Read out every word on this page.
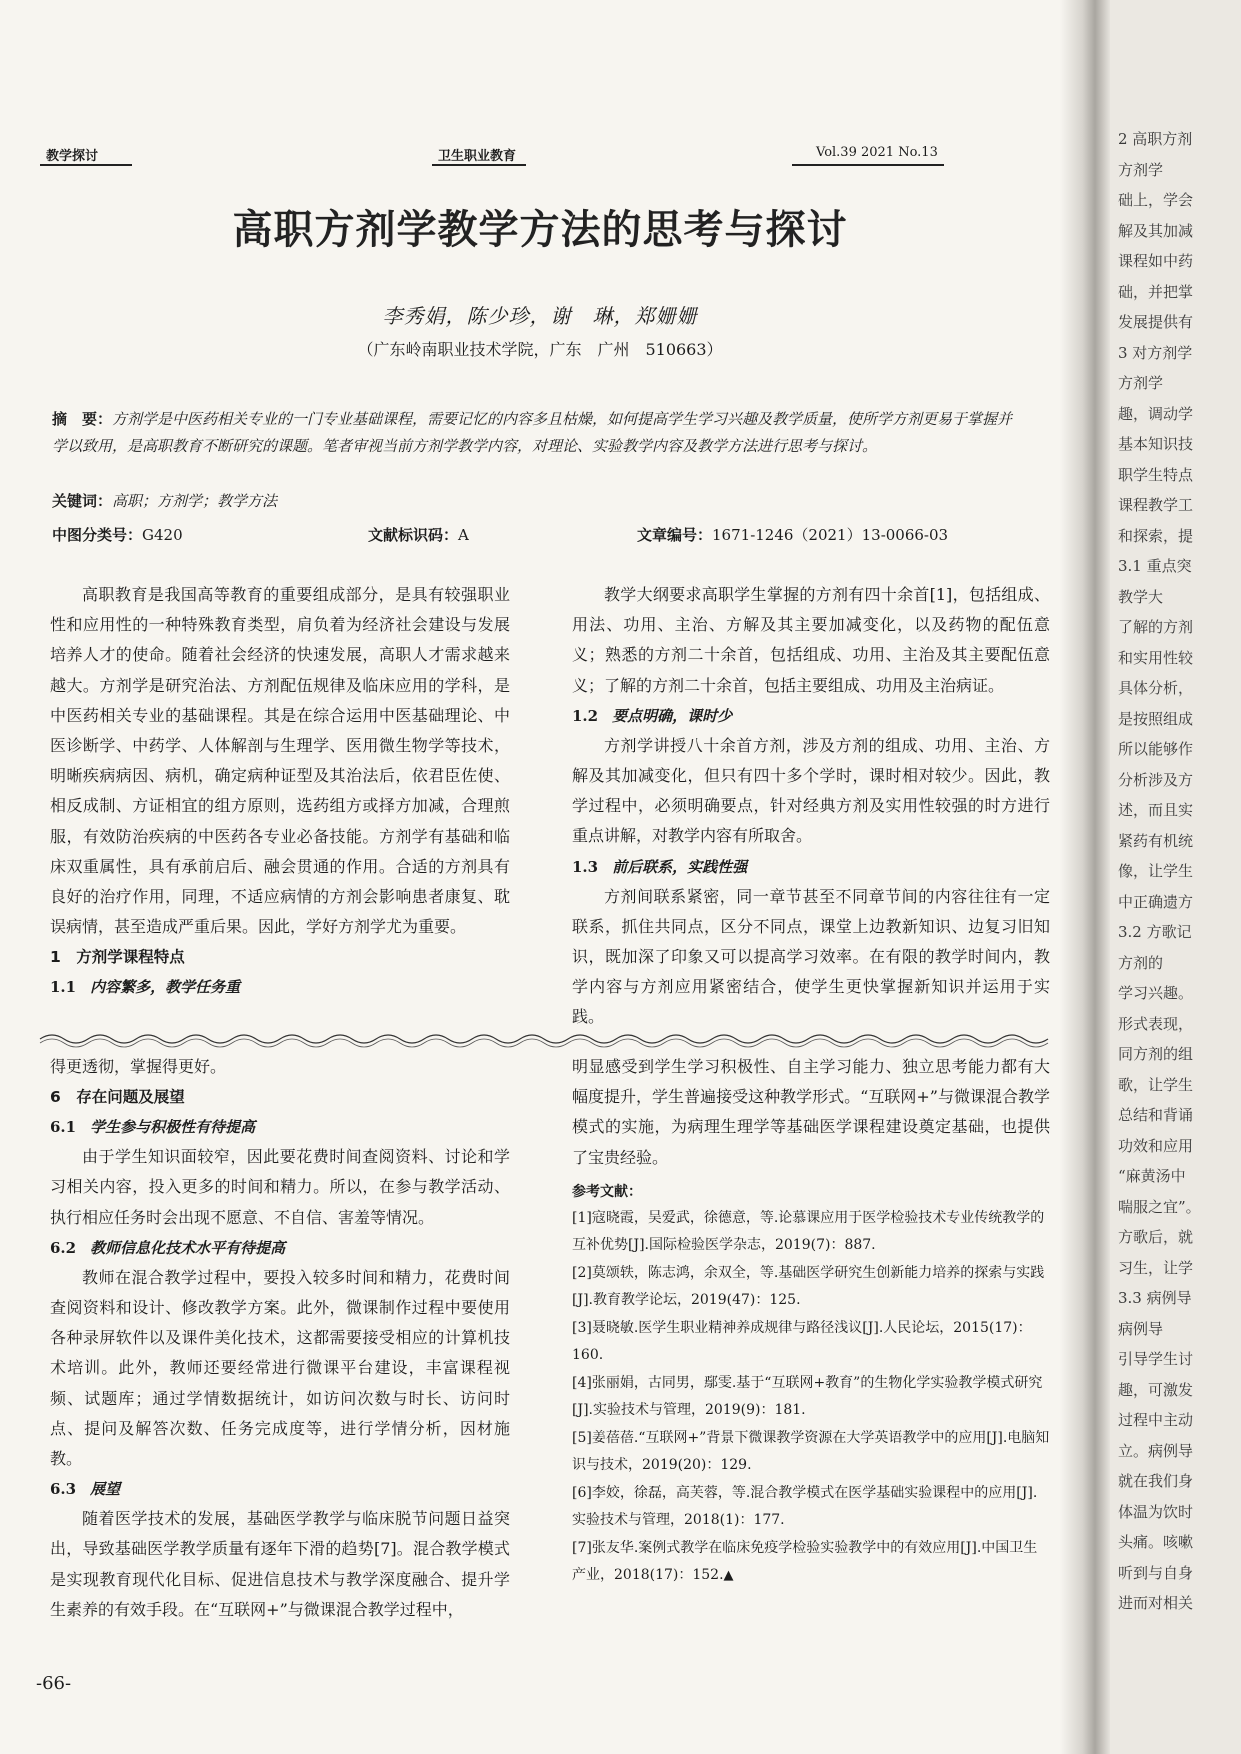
教学探讨	卫生职业教育	Vol.39 2021 No.13
高职方剂学教学方法的思考与探讨
李秀娟，陈少珍，谢　琳，郑姗姗
（广东岭南职业技术学院，广东　广州　510663）
摘　要：方剂学是中医药相关专业的一门专业基础课程，需要记忆的内容多且枯燥，如何提高学生学习兴趣及教学质量，使所学方剂更易于掌握并学以致用，是高职教育不断研究的课题。笔者审视当前方剂学教学内容，对理论、实验教学内容及教学方法进行思考与探讨。
关键词：高职；方剂学；教学方法
中图分类号：G420	文献标识码：A	文章编号：1671-1246（2021）13-0066-03

高职教育是我国高等教育的重要组成部分，是具有较强职业性和应用性的一种特殊教育类型，肩负着为经济社会建设与发展培养人才的使命。随着社会经济的快速发展，高职人才需求越来越大。方剂学是研究治法、方剂配伍规律及临床应用的学科，是中医药相关专业的基础课程。其是在综合运用中医基础理论、中医诊断学、中药学、人体解剖与生理学、医用微生物学等技术，明晰疾病病因、病机，确定病种证型及其治法后，依君臣佐使、相反成制、方证相宜的组方原则，选药组方或择方加减，合理煎服，有效防治疾病的中医药各专业必备技能。方剂学有基础和临床双重属性，具有承前启后、融会贯通的作用。合适的方剂具有良好的治疗作用，同理，不适应病情的方剂会影响患者康复、耽误病情，甚至造成严重后果。因此，学好方剂学尤为重要。

1　方剂学课程特点

1.1 内容繁多，教学任务重

教学大纲要求高职学生掌握的方剂有四十余首[1]，包括组成、用法、功用、主治、方解及其主要加减变化，以及药物的配伍意义；熟悉的方剂二十余首，包括组成、功用、主治及其主要配伍意义；了解的方剂二十余首，包括主要组成、功用及主治病证。

1.2 要点明确，课时少

方剂学讲授八十余首方剂，涉及方剂的组成、功用、主治、方解及其加减变化，但只有四十多个学时，课时相对较少。因此，教学过程中，必须明确要点，针对经典方剂及实用性较强的时方进行重点讲解，对教学内容有所取舍。

1.3 前后联系，实践性强

方剂间联系紧密，同一章节甚至不同章节间的内容往往有一定联系，抓住共同点，区分不同点，课堂上边教新知识、边复习旧知识，既加深了印象又可以提高学习效率。在有限的教学时间内，教学内容与方剂应用紧密结合，使学生更快掌握新知识并运用于实践。

得更透彻，掌握得更好。

6　存在问题及展望

6.1 学生参与积极性有待提高

由于学生知识面较窄，因此要花费时间查阅资料、讨论和学习相关内容，投入更多的时间和精力。所以，在参与教学活动、执行相应任务时会出现不愿意、不自信、害羞等情况。

6.2 教师信息化技术水平有待提高

教师在混合教学过程中，要投入较多时间和精力，花费时间查阅资料和设计、修改教学方案。此外，微课制作过程中要使用各种录屏软件以及课件美化技术，这都需要接受相应的计算机技术培训。此外，教师还要经常进行微课平台建设，丰富课程视频、试题库；通过学情数据统计，如访问次数与时长、访问时点、提问及解答次数、任务完成度等，进行学情分析，因材施教。

6.3 展望

随着医学技术的发展，基础医学教学与临床脱节问题日益突出，导致基础医学教学质量有逐年下滑的趋势[7]。混合教学模式是实现教育现代化目标、促进信息技术与教学深度融合、提升学生素养的有效手段。在“互联网+”与微课混合教学过程中，

明显感受到学生学习积极性、自主学习能力、独立思考能力都有大幅度提升，学生普遍接受这种教学形式。“互联网+”与微课混合教学模式的实施，为病理生理学等基础医学课程建设奠定基础，也提供了宝贵经验。

参考文献：

[1]寇晓霞，吴爱武，徐德意，等.论慕课应用于医学检验技术专业传统教学的互补优势[J].国际检验医学杂志，2019(7)：887.

[2]莫颂轶，陈志鸿，余双全，等.基础医学研究生创新能力培养的探索与实践[J].教育教学论坛，2019(47)：125.

[3]聂晓敏.医学生职业精神养成规律与路径浅议[J].人民论坛，2015(17)：160.

[4]张丽娟，古同男，鄢雯.基于“互联网+教育”的生物化学实验教学模式研究[J].实验技术与管理，2019(9)：181.

[5]姜蓓蓓.“互联网+”背景下微课教学资源在大学英语教学中的应用[J].电脑知识与技术，2019(20)：129.

[6]李姣，徐磊，高芙蓉，等.混合教学模式在医学基础实验课程中的应用[J].实验技术与管理，2018(1)：177.

[7]张友华.案例式教学在临床免疫学检验实验教学中的有效应用[J].中国卫生产业，2018(17)：152.▲

-66-
2 高职方剂
方剂学
础上，学会
解及其加减
课程如中药
础，并把掌
发展提供有
3 对方剂学
方剂学
趣，调动学
基本知识技
职学生特点
课程教学工
和探索，提
3.1 重点突
教学大
了解的方剂
和实用性较
具体分析，
是按照组成
所以能够作
分析涉及方
述，而且实
紧药有机统
像，让学生
中正确遗方
3.2 方歌记
方剂的
学习兴趣。
形式表现，
同方剂的组
歌，让学生
总结和背诵
功效和应用
“麻黄汤中
喘服之宜”。
方歌后，就
习生，让学
3.3 病例导
病例导
引导学生讨
趣，可激发
过程中主动
立。病例导
就在我们身
体温为饮时
头痛。咳嗽
听到与自身
进而对相关
